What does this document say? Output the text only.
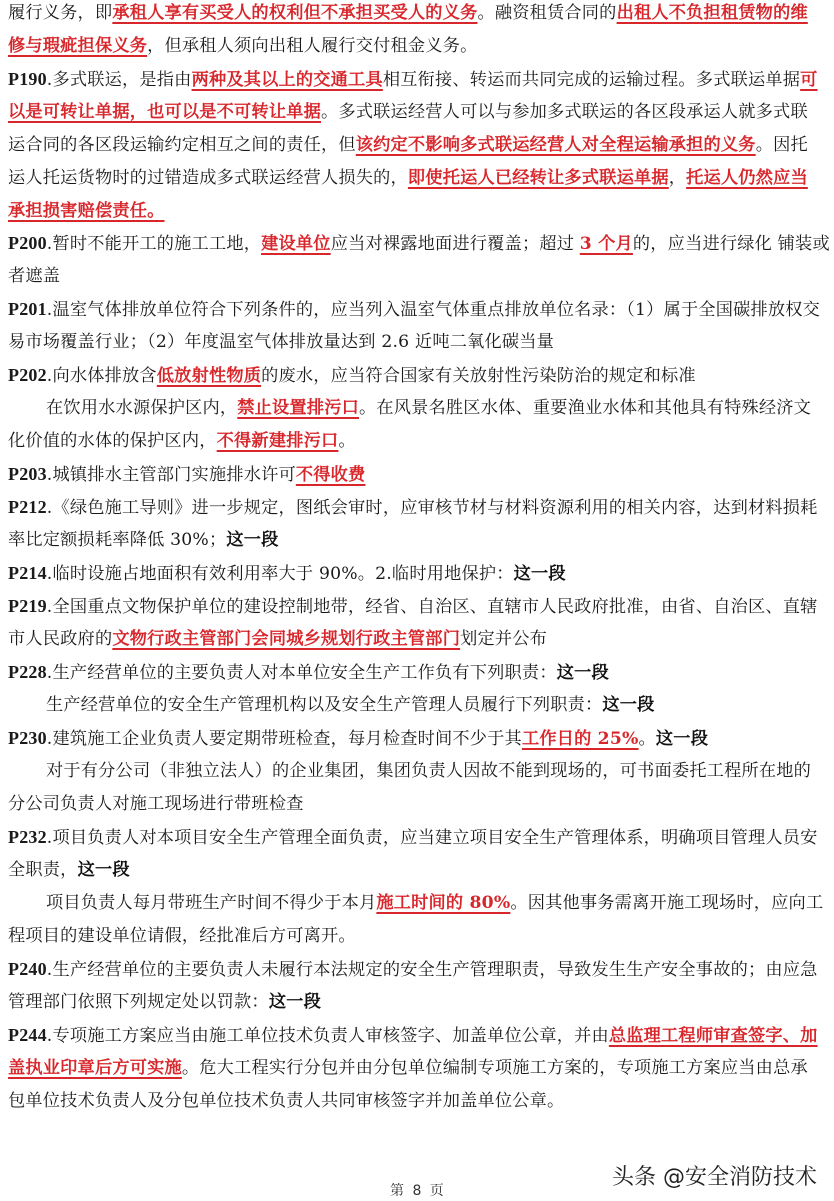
履行义务，即承租人享有买受人的权利但不承担买受人的义务。融资租赁合同的出租人不负担租赁物的维
修与瑕疵担保义务，但承租人须向出租人履行交付租金义务。
P190.多式联运，是指由两种及其以上的交通工具相互衔接、转运而共同完成的运输过程。多式联运单据可
以是可转让单据，也可以是不可转让单据。多式联运经营人可以与参加多式联运的各区段承运人就多式联
运合同的各区段运输约定相互之间的责任，但该约定不影响多式联运经营人对全程运输承担的义务。因托
运人托运货物时的过错造成多式联运经营人损失的，即使托运人已经转让多式联运单据，托运人仍然应当
承担损害赔偿责任。
P200.暂时不能开工的施工工地，建设单位应当对裸露地面进行覆盖；超过 3 个月的，应当进行绿化 铺装或
者遮盖
P201.温室气体排放单位符合下列条件的，应当列入温室气体重点排放单位名录：（1）属于全国碳排放权交
易市场覆盖行业；（2）年度温室气体排放量达到 2.6 近吨二氧化碳当量
P202.向水体排放含低放射性物质的废水，应当符合国家有关放射性污染防治的规定和标准
在饮用水水源保护区内，禁止设置排污口。在风景名胜区水体、重要渔业水体和其他具有特殊经济文
化价值的水体的保护区内，不得新建排污口。
P203.城镇排水主管部门实施排水许可不得收费
P212.《绿色施工导则》进一步规定，图纸会审时，应审核节材与材料资源利用的相关内容，达到材料损耗
率比定额损耗率降低 30%；这一段
P214.临时设施占地面积有效利用率大于 90%。2.临时用地保护：这一段
P219.全国重点文物保护单位的建设控制地带，经省、自治区、直辖市人民政府批准，由省、自治区、直辖
市人民政府的文物行政主管部门会同城乡规划行政主管部门划定并公布
P228.生产经营单位的主要负责人对本单位安全生产工作负有下列职责：这一段
生产经营单位的安全生产管理机构以及安全生产管理人员履行下列职责：这一段
P230.建筑施工企业负责人要定期带班检查，每月检查时间不少于其工作日的 25%。这一段
对于有分公司（非独立法人）的企业集团，集团负责人因故不能到现场的，可书面委托工程所在地的
分公司负责人对施工现场进行带班检查
P232.项目负责人对本项目安全生产管理全面负责，应当建立项目安全生产管理体系，明确项目管理人员安
全职责，这一段
项目负责人每月带班生产时间不得少于本月施工时间的 80%。因其他事务需离开施工现场时，应向工
程项目的建设单位请假，经批准后方可离开。
P240.生产经营单位的主要负责人未履行本法规定的安全生产管理职责，导致发生生产安全事故的；由应急
管理部门依照下列规定处以罚款：这一段
P244.专项施工方案应当由施工单位技术负责人审核签字、加盖单位公章，并由总监理工程师审查签字、加
盖执业印章后方可实施。危大工程实行分包并由分包单位编制专项施工方案的，专项施工方案应当由总承
包单位技术负责人及分包单位技术负责人共同审核签字并加盖单位公章。
第 8 页
头条 @安全消防技术
